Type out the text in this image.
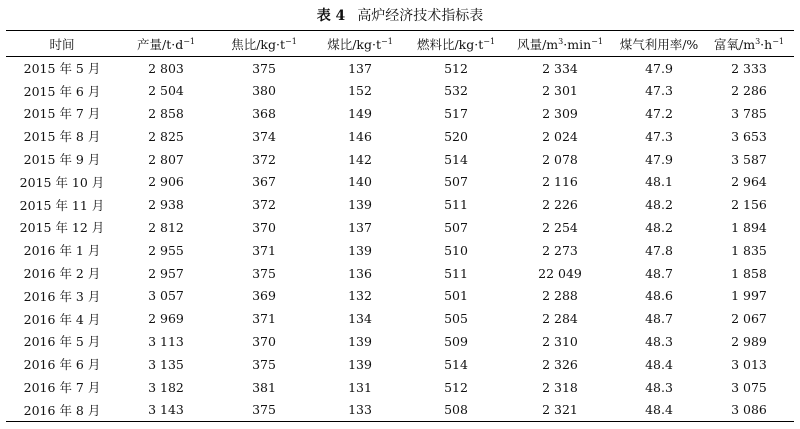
表 4 高炉经济技术指标表
时间	产量$/t\cdot d^{-1}$	焦比$/kg\cdot t^{-1}$	煤比$/kg\cdot t^{-1}$	燃料比$/kg\cdot t^{-1}$	风量$/m^3\cdot\min^{-1}$	煤气利用率/%	富氧$/m^3\cdot h^{-1}$
2015 年 5 月	2 803	375	137	512	2 334	47.9	2 333
2015 年 6 月	2 504	380	152	532	2 301	47.3	2 286
2015 年 7 月	2 858	368	149	517	2 309	47.2	3 785
2015 年 8 月	2 825	374	146	520	2 024	47.3	3 653
2015 年 9 月	2 807	372	142	514	2 078	47.9	3 587
2015 年 10 月	2 906	367	140	507	2 116	48.1	2 964
2015 年 11 月	2 938	372	139	511	2 226	48.2	2 156
2015 年 12 月	2 812	370	137	507	2 254	48.2	1 894
2016 年 1 月	2 955	371	139	510	2 273	47.8	1 835
2016 年 2 月	2 957	375	136	511	22 049	48.7	1 858
2016 年 3 月	3 057	369	132	501	2 288	48.6	1 997
2016 年 4 月	2 969	371	134	505	2 284	48.7	2 067
2016 年 5 月	3 113	370	139	509	2 310	48.3	2 989
2016 年 6 月	3 135	375	139	514	2 326	48.4	3 013
2016 年 7 月	3 182	381	131	512	2 318	48.3	3 075
2016 年 8 月	3 143	375	133	508	2 321	48.4	3 086
